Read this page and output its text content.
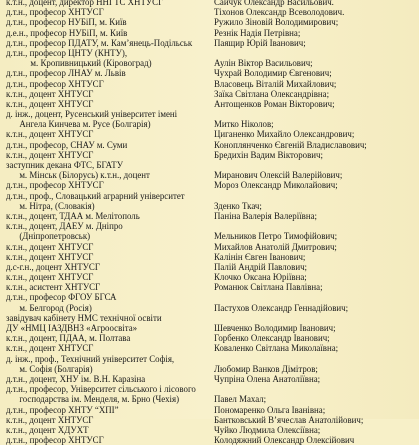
к.т.н., доцент, директор ННІ ТС ХНТУСГ	Сайчук Олександр Васильович.
д.т.н., професор ХНТУСГ	Тіхонов Олександр Всеволодович.
д.т.н., професор НУБіП, м. Київ	Ружило Зіновій Володимирович;
д.е.н., професор НУБіП, м. Київ	Резнік Надія Петрівна;
д.т.н., професор ПДАТУ, м. Кам’янець-Подільськ	Паящир Юрій Іванович;
д.т.н., професор ЦНТУ (КНТУ),
м. Кропивницький (Кіровоград)	Аулін Віктор Васильович;
д.т.н., професор ЛНАУ м. Львів	Чухрай Володимир Євгенович;
д.т.н., професор ХНТУСГ	Власовець Віталій Михайлович;
к.т.н., доцент ХНТУСГ	Заїка Світлана Олександрівна;
к.т.н., доцент ХНТУСГ	Антощенков Роман Вікторович;
д. інж., доцент, Русенський університет імені
Ангела Кинчева м. Русе (Болгарія)	Митко Ніколов;
к.т.н., доцент ХНТУСГ	Циганенко Михайло Олександрович;
д.т.н., професор, СНАУ м. Суми	Коноплянченко Євгеній Владиславович;
к.т.н., доцент ХНТУСГ	Бредихін Вадим Вікторович;
заступник декана ФТС, БГАТУ
м. Мінськ (Білорусь) к.т.н., доцент	Миранович Олексій Валерійович;
д.т.н., професор ХНТУСГ	Мороз Олександр Миколайович;
д.т.н., проф., Словацький аграрний університет
м. Нітра, (Словакія)	Зденко Ткач;
к.т.н., доцент, ТДАА м. Мелітополь	Паніна Валерія Валеріївна;
к.т.н., доцент, ДАЕУ м. Дніпро
(Дніпропетровськ)	Мельников Петро Тимофійович;
к.т.н., доцент ХНТУСГ	Михайлов Анатолій Дмитрович;
к.т.н., доцент ХНТУСГ	Калінін Євген Іванович;
д.с-г.н., доцент ХНТУСГ	Палій Андрій Павлович;
к.т.н., доцент ХНТУСГ	Клочко Оксана Юріївна;
к.т.н., асистент ХНТУСГ	Романюк Світлана Павлівна;
д.т.н., професор ФГОУ БГСА
м. Белгород (Росія)	Пастухов Олександр Геннадійович;
завідувач кабінету НМС технічної освіти
ДУ «НМЦ ІАЗДВНЗ «Агроосвіта»	Шевченко Володимир Іванович;
к.т.н., доцент, ПДАА, м. Полтава	Горбенко Олександр Іванович;
к.т.н., доцент ХНТУСГ	Коваленко Світлана Миколаївна;
д. інж., проф., Технічний університет Софія,
м. Софія (Болгарія)	Любомир Ванков Дімітров;
д.т.н., доцент, ХНУ ім. В.Н. Каразіна	Чупріна Олена Анатоліївна;
д.т.н., професор, Університет сільського і лісового
господарства ім. Менделя, м. Брно (Чехія)	Павел Махал;
д.т.н., професор ХНТУ “ХПІ”	Пономаренко Ольга Іванівна;
к.т.н., доцент ХНТУСГ	Бантковський В’ячеслав Анатолійович;
к.т.н., доцент ХДУХТ	Чуйко Людмила Олексіївна;
д.т.н., професор ХНТУСГ	Колодяжний Олександр Олексійович
